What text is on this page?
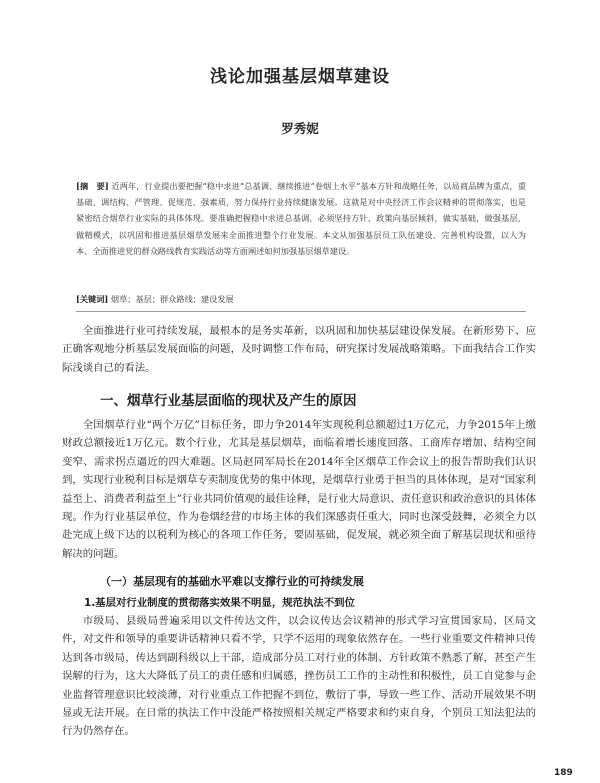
浅论加强基层烟草建设
罗秀妮
[摘　要] 近两年，行业提出要把握“稳中求进”总基调、继续推进“卷烟上水平”基本方针和战略任务，以局商品牌为重点，重基础、调结构、严管理、促规范、强素质，努力保持行业持续健康发展。这就是对中央经济工作会议精神的贯彻落实，也是紧密结合烟草行业实际的具体体现。要准确把握稳中求进总基调，必须坚持方针、政策向基层倾斜，做实基础，做强基层，做精模式，以巩固和推进基层烟草发展来全面推进整个行业发展。本文从加强基层员工队伍建设、完善机构设置，以人为本、全面推进党的群众路线教育实践活动等方面阐述如何加强基层烟草建设。
[关键词] 烟草；基层；群众路线；建设发展
全面推进行业可持续发展，最根本的是务实革新，以巩固和加快基层建设保发展。在新形势下、应正确客观地分析基层发展面临的问题，及时调整工作布局，研究探讨发展战略策略。下面我结合工作实际浅谈自己的看法。
一、烟草行业基层面临的现状及产生的原因
全国烟草行业“两个万亿”目标任务，即力争2014年实现税利总额超过1万亿元，力争2015年上缴财政总额接近1万亿元。数个行业，尤其是基层烟草，面临着增长速度回落、工商库存增加、结构空间变窄、需求拐点逼近的四大难题。区局赵同军局长在2014年全区烟草工作会议上的报告帮助我们认识到，实现行业税利目标是烟草专卖制度优势的集中体现，是烟草行业勇于担当的具体体现，是对“国家利益至上、消费者利益至上”行业共同价值观的最佳诠释，是行业大局意识、责任意识和政治意识的具体体现。作为行业基层单位，作为卷烟经营的市场主体的我们深感责任重大，同时也深受鼓舞，必须全力以赴完成上级下达的以税利为核心的各项工作任务，要固基础，促发展，就必须全面了解基层现状和亟待解决的问题。
（一）基层现有的基础水平难以支撑行业的可持续发展
1.基层对行业制度的贯彻落实效果不明显，规范执法不到位
市级局、县级局普遍采用以文件传达文件，以会议传达会议精神的形式学习宣贯国家局、区局文件，对文件和领导的重要讲话精神只看不学，只学不运用的现象依然存在。一些行业重要文件精神只传达到各市级局，传达到副科级以上干部，造成部分员工对行业的体制、方针政策不熟悉了解，甚至产生误解的行为，这大大降低了员工的责任感和归属感，挫伤员工工作的主动性和积极性，员工自觉参与企业监督管理意识比较淡薄，对行业重点工作把握不到位，敷衍了事，导致一些工作、活动开展效果不明显或无法开展。在日常的执法工作中没能严格按照相关规定严格要求和约束自身，个别员工知法犯法的行为仍然存在。
189
